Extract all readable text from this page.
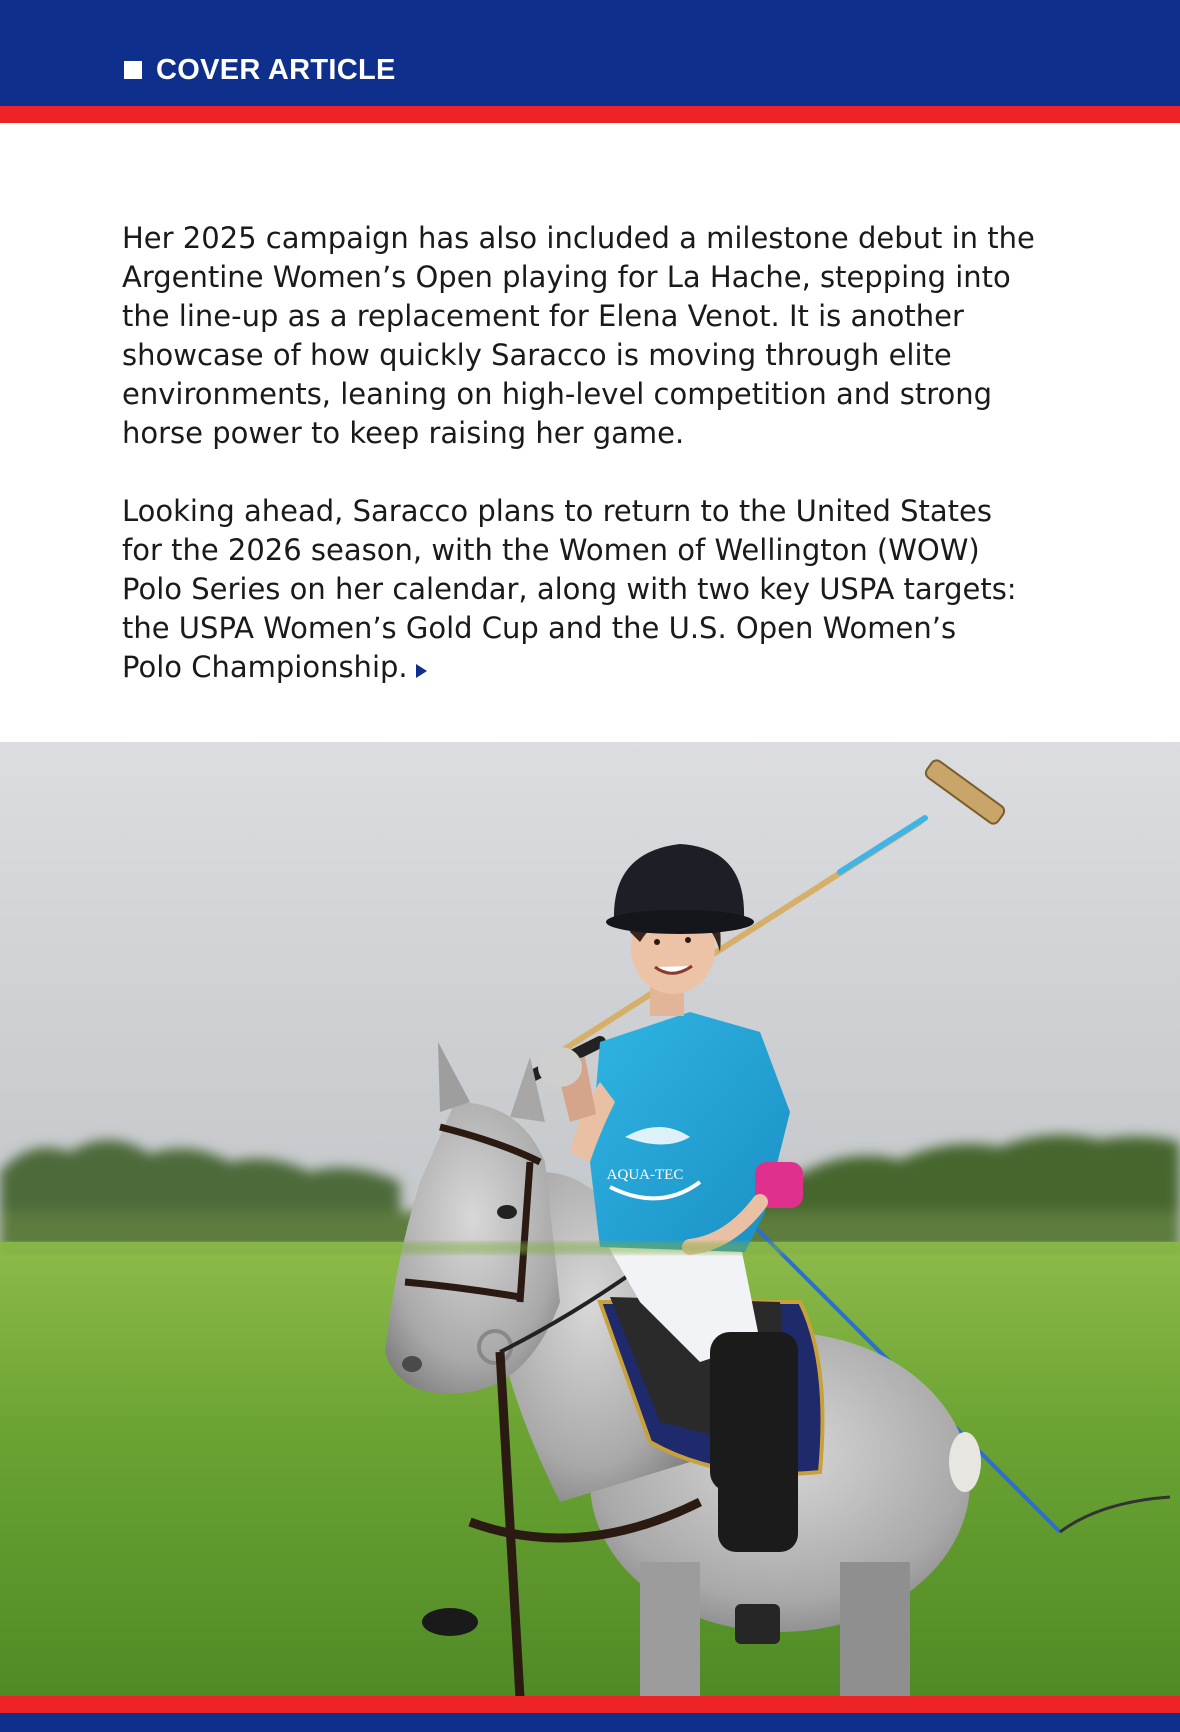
COVER ARTICLE

Her 2025 campaign has also included a milestone debut in the
Argentine Women’s Open playing for La Hache, stepping into
the line-up as a replacement for Elena Venot. It is another
showcase of how quickly Saracco is moving through elite
environments, leaning on high-level competition and strong
horse power to keep raising her game.

Looking ahead, Saracco plans to return to the United States
for the 2026 season, with the Women of Wellington (WOW)
Polo Series on her calendar, along with two key USPA targets:
the USPA Women’s Gold Cup and the U.S. Open Women’s
Polo Championship.

AQUA-TEC
